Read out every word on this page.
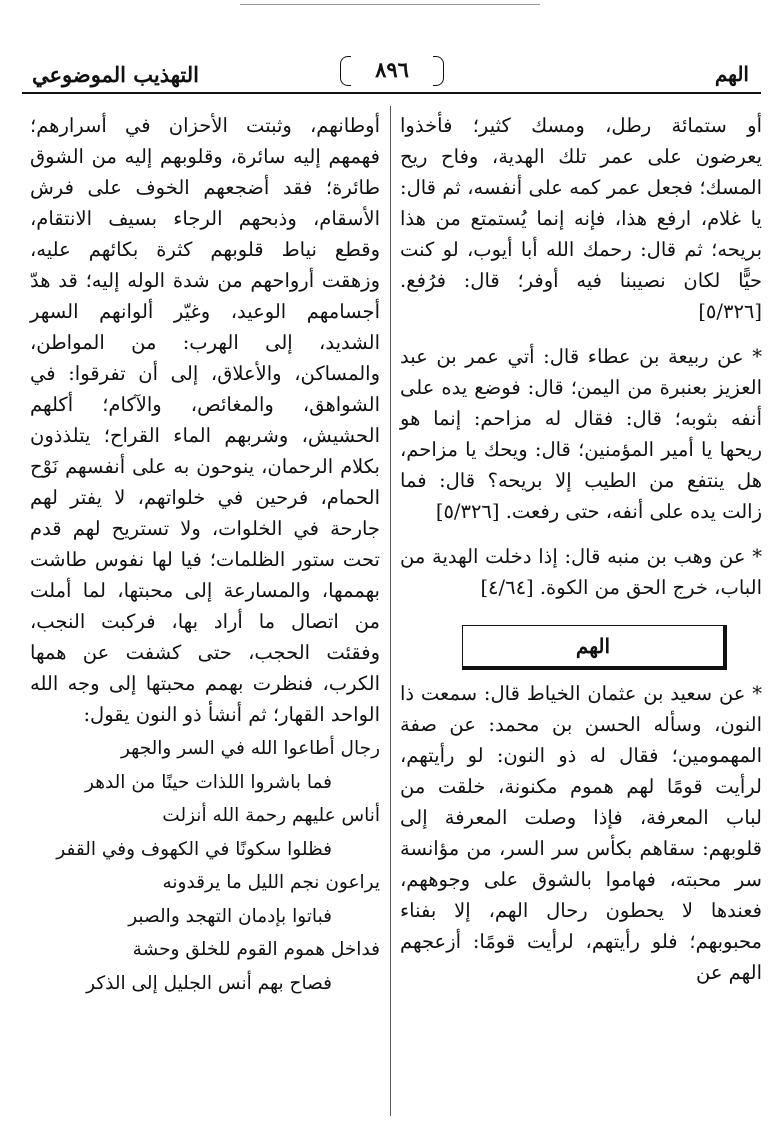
التهذيب الموضوعي	٨٩٦	الهم

أو ستمائة رطل، ومسك كثير؛ فأخذوا يعرضون على عمر تلك الهدية، وفاح ريح المسك؛ فجعل عمر كمه على أنفسه، ثم قال: يا غلام، ارفع هذا، فإنه إنما يُستمتع من هذا بريحه؛ ثم قال: رحمك الله أبا أيوب، لو كنت حيًّا لكان نصيبنا فيه أوفر؛ قال: فرُفع. [٥/٣٢٦]

* عن ربيعة بن عطاء قال: أتي عمر بن عبد العزيز بعنبرة من اليمن؛ قال: فوضع يده على أنفه بثوبه؛ قال: فقال له مزاحم: إنما هو ريحها يا أمير المؤمنين؛ قال: ويحك يا مزاحم، هل ينتفع من الطيب إلا بريحه؟ قال: فما زالت يده على أنفه، حتى رفعت. [٥/٣٢٦]

* عن وهب بن منبه قال: إذا دخلت الهدية من الباب، خرج الحق من الكوة. [٤/٦٤]

الهم

* عن سعيد بن عثمان الخياط قال: سمعت ذا النون، وسأله الحسن بن محمد: عن صفة المهمومين؛ فقال له ذو النون: لو رأيتهم، لرأيت قومًا لهم هموم مكنونة، خلقت من لباب المعرفة، فإذا وصلت المعرفة إلى قلوبهم: سقاهم بكأس سر السر، من مؤانسة سر محبته، فهاموا بالشوق على وجوههم، فعندها لا يحطون رحال الهم، إلا بفناء محبوبهم؛ فلو رأيتهم، لرأيت قومًا: أزعجهم الهم عن

أوطانهم، وثبتت الأحزان في أسرارهم؛ فهمهم إليه سائرة، وقلوبهم إليه من الشوق طائرة؛ فقد أضجعهم الخوف على فرش الأسقام، وذبحهم الرجاء بسيف الانتقام، وقطع نياط قلوبهم كثرة بكائهم عليه، وزهقت أرواحهم من شدة الوله إليه؛ قد هدّ أجسامهم الوعيد، وغيّر ألوانهم السهر الشديد، إلى الهرب: من المواطن، والمساكن، والأعلاق، إلى أن تفرقوا: في الشواهق، والمغائص، والآكام؛ أكلهم الحشيش، وشربهم الماء القراح؛ يتلذذون بكلام الرحمان، ينوحون به على أنفسهم نَوْح الحمام، فرحين في خلواتهم، لا يفتر لهم جارحة في الخلوات، ولا تستريح لهم قدم تحت ستور الظلمات؛ فيا لها نفوس طاشت بهممها، والمسارعة إلى محبتها، لما أملت من اتصال ما أراد بها، فركبت النجب، وفقئت الحجب، حتى كشفت عن همها الكرب، فنظرت بهمم محبتها إلى وجه الله الواحد القهار؛ ثم أنشأ ذو النون يقول:

رجال أطاعوا الله في السر والجهر
فما باشروا اللذات حينًا من الدهر
أناس عليهم رحمة الله أنزلت
فظلوا سكونًا في الكهوف وفي القفر
يراعون نجم الليل ما يرقدونه
فباتوا بإدمان التهجد والصبر
فداخل هموم القوم للخلق وحشة
فصاح بهم أنس الجليل إلى الذكر
